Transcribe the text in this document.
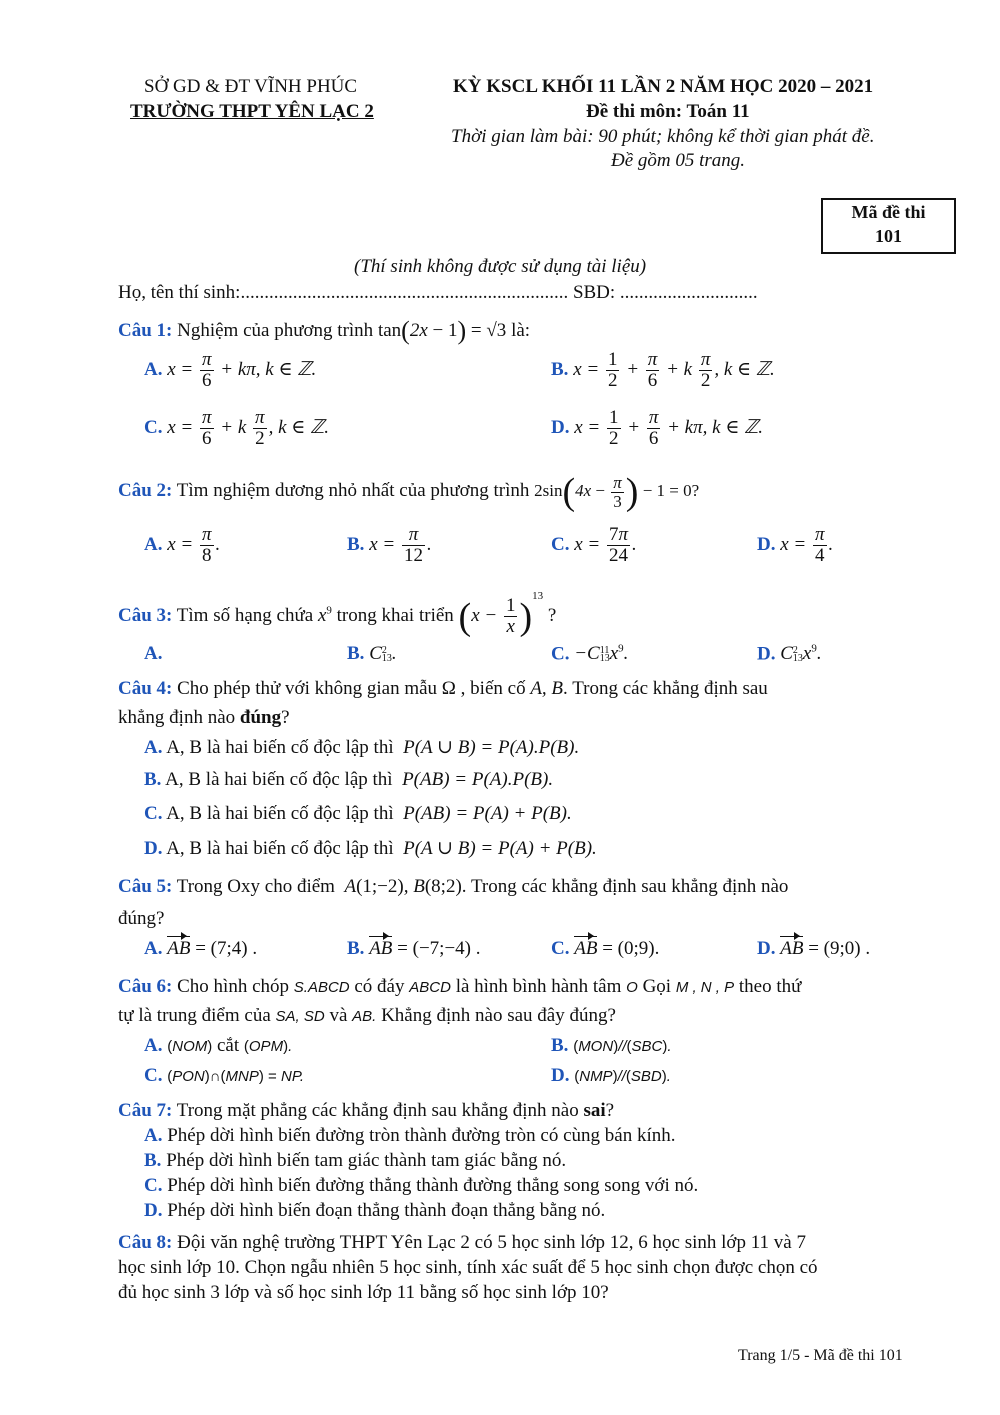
SỞ GD & ĐT VĨNH PHÚC
TRƯỜNG THPT YÊN LẠC 2
KỲ KSCL KHỐI 11 LẦN 2 NĂM HỌC 2020 – 2021
Đề thi môn: Toán 11
Thời gian làm bài: 90 phút; không kể thời gian phát đề.
Đề gồm 05 trang.
Mã đề thi
101
(Thí sinh không được sử dụng tài liệu)
Họ, tên thí sinh:..................................................................... SBD: .............................
Câu 1: Nghiệm của phương trình tan(2x − 1) = √3 là:
A. $x = \frac{\pi}{6} + k\pi$, k ∈ ℤ.	B. $x = \frac{1}{2} + \frac{\pi}{6} + k \frac{\pi}{2}$ , k ∈ ℤ.
C. $x = \frac{\pi}{6} + k \frac{\pi}{2}$ , k ∈ ℤ.	D. $x = \frac{1}{2} + \frac{\pi}{6} + k\pi$, k ∈ ℤ.
Câu 2: Tìm nghiệm dương nhỏ nhất của phương trình $2\sin(4x - \frac{\pi}{3}$ ) − 1 = 0?
A. $x = \frac{\pi}{8}$ .	B. $x = \frac{\pi}{12}$ .	C. $x = \frac{7\pi}{24}$ .	D. $x = \frac{\pi}{4}$ .
Câu 3: Tìm số hạng chứa $x^9$ trong khai triển $(x - \frac{1}{x} )^{13}$ ?
A.	B. C2
13.	C. −C11
$13x^9$.	D. C2
$13x^9$.
Câu 4: Cho phép thử với không gian mẫu Ω , biến cố A, B. Trong các khẳng định sau
khẳng định nào đúng?
A. A, B là hai biến cố độc lập thì  P(A ∪ B) = P(A).P(B).
B. A, B là hai biến cố độc lập thì  P(AB) = P(A).P(B).
C. A, B là hai biến cố độc lập thì  P(AB) = P(A) + P(B).
D. A, B là hai biến cố độc lập thì  P(A ∪ B) = P(A) + P(B).
Câu 5: Trong Oxy cho điểm  A(1;−2), B(8;2). Trong các khẳng định sau khẳng định nào
đúng?
A. AB = (7;4) .	B. AB = (−7;−4) .	C. AB = (0;9).	D. AB = (9;0) .
Câu 6: Cho hình chóp S.ABCD có đáy ABCD là hình bình hành tâm O Gọi M , N , P theo thứ
tự là trung điểm của SA, SD và AB. Khẳng định nào sau đây đúng?
A. (NOM) cắt (OPM).	B. (MON)//(SBC).
C. (PON)∩(MNP) = NP.	D. (NMP)//(SBD).
Câu 7: Trong mặt phẳng các khẳng định sau khẳng định nào sai?
A. Phép dời hình biến đường tròn thành đường tròn có cùng bán kính.
B. Phép dời hình biến tam giác thành tam giác bằng nó.
C. Phép dời hình biến đường thẳng thành đường thẳng song song với nó.
D. Phép dời hình biến đoạn thẳng thành đoạn thẳng bằng nó.
Câu 8: Đội văn nghệ trường THPT Yên Lạc 2 có 5 học sinh lớp 12, 6 học sinh lớp 11 và 7
học sinh lớp 10. Chọn ngẫu nhiên 5 học sinh, tính xác suất để 5 học sinh chọn được chọn có
đủ học sinh 3 lớp và số học sinh lớp 11 bằng số học sinh lớp 10?
Trang 1/5 - Mã đề thi 101
